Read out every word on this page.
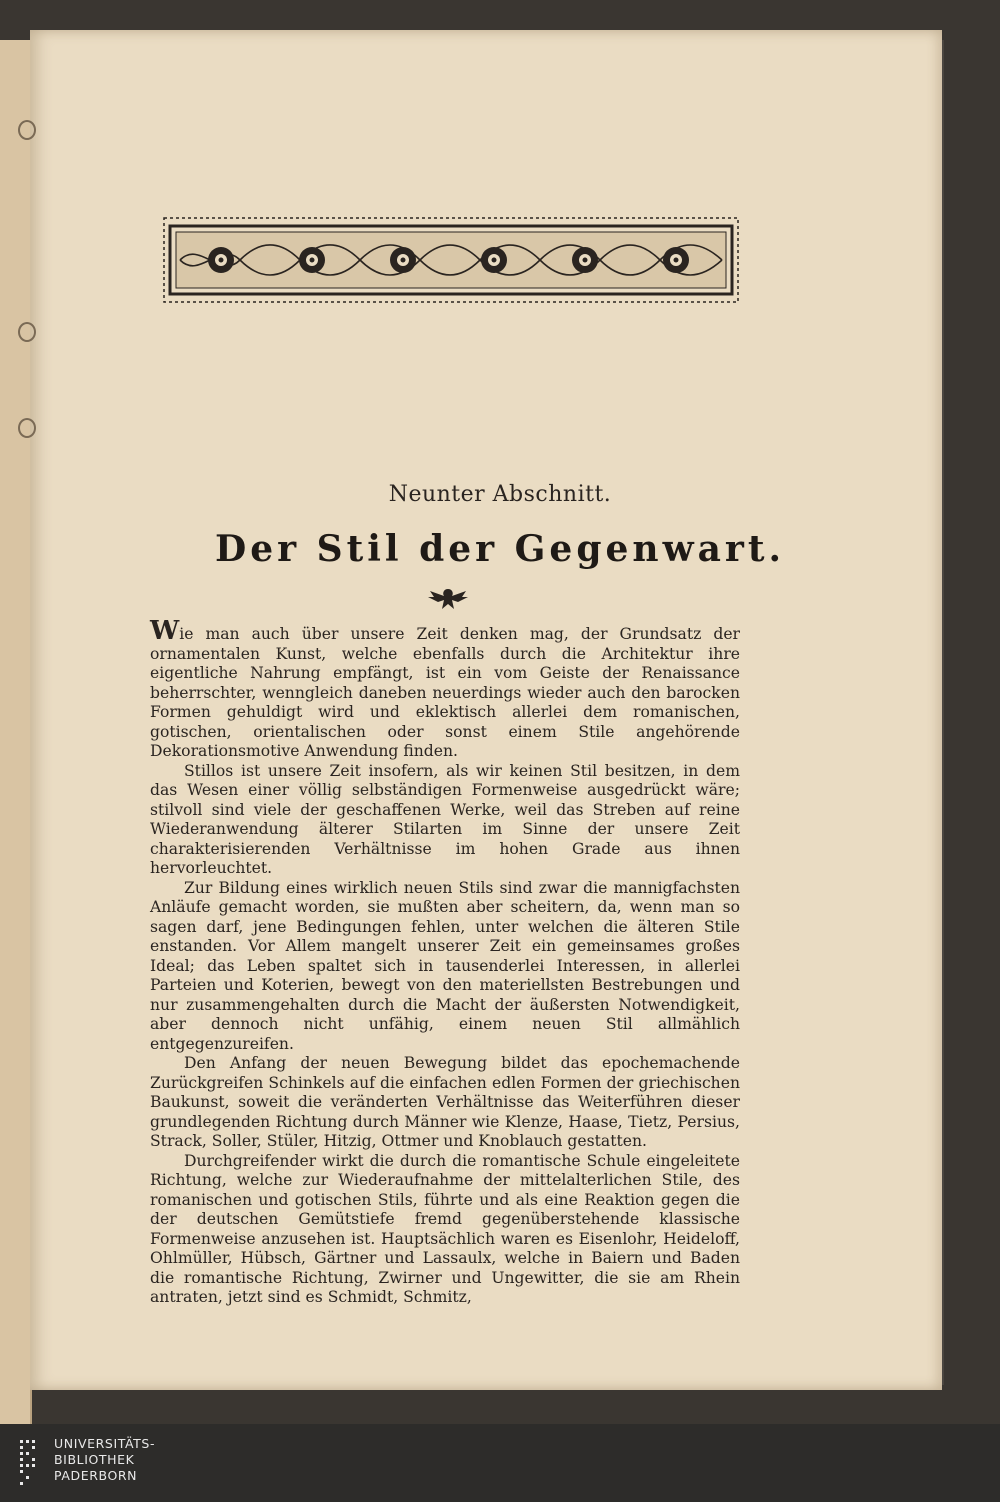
Neunter Abschnitt.
Der Stil der Gegenwart.

Wie man auch über unsere Zeit denken mag, der Grundsatz der ornamentalen Kunst, welche ebenfalls durch die Architektur ihre eigentliche Nahrung empfängt, ist ein vom Geiste der Renaissance beherrschter, wenngleich daneben neuerdings wieder auch den barocken Formen gehuldigt wird und eklektisch allerlei dem romanischen, gotischen, orientalischen oder sonst einem Stile angehörende Dekorationsmotive Anwendung finden.

Stillos ist unsere Zeit insofern, als wir keinen Stil besitzen, in dem das Wesen einer völlig selbständigen Formenweise ausgedrückt wäre; stilvoll sind viele der geschaffenen Werke, weil das Streben auf reine Wiederanwendung älterer Stilarten im Sinne der unsere Zeit charakterisierenden Verhältnisse im hohen Grade aus ihnen hervorleuchtet.

Zur Bildung eines wirklich neuen Stils sind zwar die mannigfachsten Anläufe gemacht worden, sie mußten aber scheitern, da, wenn man so sagen darf, jene Bedingungen fehlen, unter welchen die älteren Stile enstanden. Vor Allem mangelt unserer Zeit ein gemeinsames großes Ideal; das Leben spaltet sich in tausenderlei Interessen, in allerlei Parteien und Koterien, bewegt von den materiellsten Bestrebungen und nur zusammengehalten durch die Macht der äußersten Notwendigkeit, aber dennoch nicht unfähig, einem neuen Stil allmählich entgegenzureifen.

Den Anfang der neuen Bewegung bildet das epochemachende Zurückgreifen Schinkels auf die einfachen edlen Formen der griechischen Baukunst, soweit die veränderten Verhältnisse das Weiterführen dieser grundlegenden Richtung durch Männer wie Klenze, Haase, Tietz, Persius, Strack, Soller, Stüler, Hitzig, Ottmer und Knoblauch gestatten.

Durchgreifender wirkt die durch die romantische Schule eingeleitete Richtung, welche zur Wiederaufnahme der mittelalterlichen Stile, des romanischen und gotischen Stils, führte und als eine Reaktion gegen die der deutschen Gemütstiefe fremd gegenüberstehende klassische Formenweise anzusehen ist. Hauptsächlich waren es Eisenlohr, Heideloff, Ohlmüller, Hübsch, Gärtner und Lassaulx, welche in Baiern und Baden die romantische Richtung, Zwirner und Ungewitter, die sie am Rhein antraten, jetzt sind es Schmidt, Schmitz,

UNIVERSITÄTS-
BIBLIOTHEK
PADERBORN
